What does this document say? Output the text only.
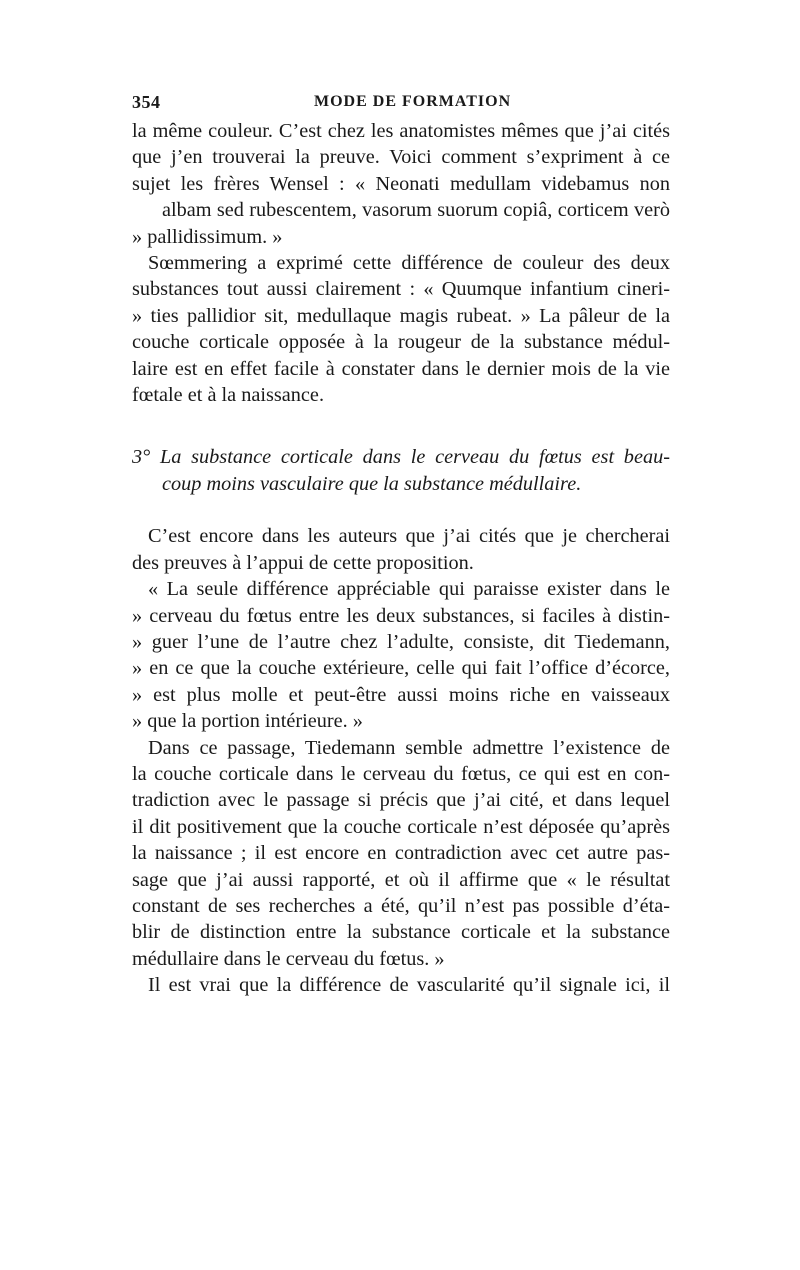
354	MODE DE FORMATION
la même couleur. C’est chez les anatomistes mêmes que j’ai cités
que j’en trouverai la preuve. Voici comment s’expriment à ce
sujet les frères Wensel : « Neonati medullam videbamus non
albam sed rubescentem, vasorum suorum copiâ, corticem verò
» pallidissimum. »
Sœmmering a exprimé cette différence de couleur des deux
substances tout aussi clairement : « Quumque infantium cineri-
» ties pallidior sit, medullaque magis rubeat. » La pâleur de la
couche corticale opposée à la rougeur de la substance médul-
laire est en effet facile à constater dans le dernier mois de la vie
fœtale et à la naissance.
3° La substance corticale dans le cerveau du fœtus est beau-
coup moins vasculaire que la substance médullaire.
C’est encore dans les auteurs que j’ai cités que je chercherai
des preuves à l’appui de cette proposition.
« La seule différence appréciable qui paraisse exister dans le
» cerveau du fœtus entre les deux substances, si faciles à distin-
» guer l’une de l’autre chez l’adulte, consiste, dit Tiedemann,
» en ce que la couche extérieure, celle qui fait l’office d’écorce,
» est plus molle et peut-être aussi moins riche en vaisseaux
» que la portion intérieure. »
Dans ce passage, Tiedemann semble admettre l’existence de
la couche corticale dans le cerveau du fœtus, ce qui est en con-
tradiction avec le passage si précis que j’ai cité, et dans lequel
il dit positivement que la couche corticale n’est déposée qu’après
la naissance ; il est encore en contradiction avec cet autre pas-
sage que j’ai aussi rapporté, et où il affirme que « le résultat
constant de ses recherches a été, qu’il n’est pas possible d’éta-
blir de distinction entre la substance corticale et la substance
médullaire dans le cerveau du fœtus. »
Il est vrai que la différence de vascularité qu’il signale ici, il
